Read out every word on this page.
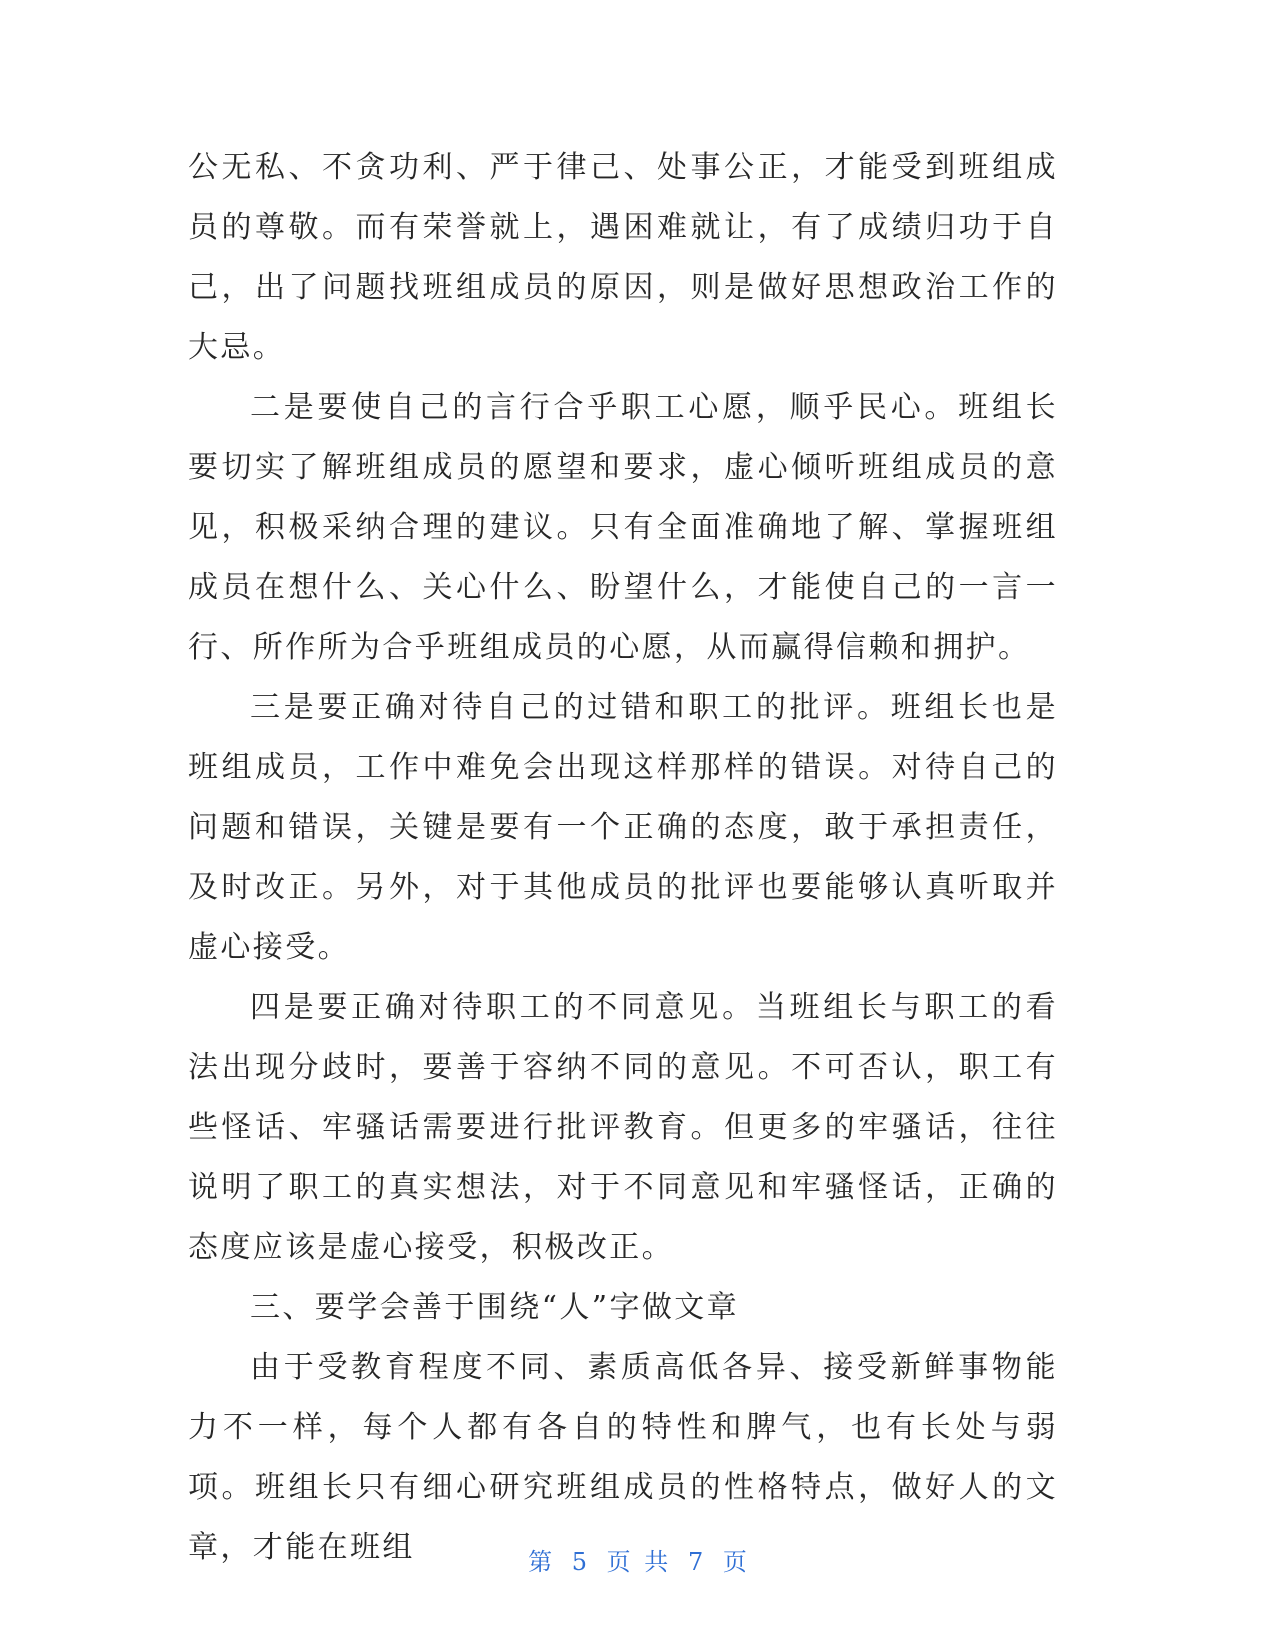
公无私、不贪功利、严于律己、处事公正，才能受到班组成员的尊敬。而有荣誉就上，遇困难就让，有了成绩归功于自己，出了问题找班组成员的原因，则是做好思想政治工作的大忌。

二是要使自己的言行合乎职工心愿，顺乎民心。班组长要切实了解班组成员的愿望和要求，虚心倾听班组成员的意见，积极采纳合理的建议。只有全面准确地了解、掌握班组成员在想什么、关心什么、盼望什么，才能使自己的一言一行、所作所为合乎班组成员的心愿，从而赢得信赖和拥护。

三是要正确对待自己的过错和职工的批评。班组长也是班组成员，工作中难免会出现这样那样的错误。对待自己的问题和错误，关键是要有一个正确的态度，敢于承担责任，及时改正。另外，对于其他成员的批评也要能够认真听取并虚心接受。

四是要正确对待职工的不同意见。当班组长与职工的看法出现分歧时，要善于容纳不同的意见。不可否认，职工有些怪话、牢骚话需要进行批评教育。但更多的牢骚话，往往说明了职工的真实想法，对于不同意见和牢骚怪话，正确的态度应该是虚心接受，积极改正。

三、要学会善于围绕“人”字做文章

由于受教育程度不同、素质高低各异、接受新鲜事物能力不一样，每个人都有各自的特性和脾气，也有长处与弱项。班组长只有细心研究班组成员的性格特点，做好人的文章，才能在班组	第 5 页 共 7 页
